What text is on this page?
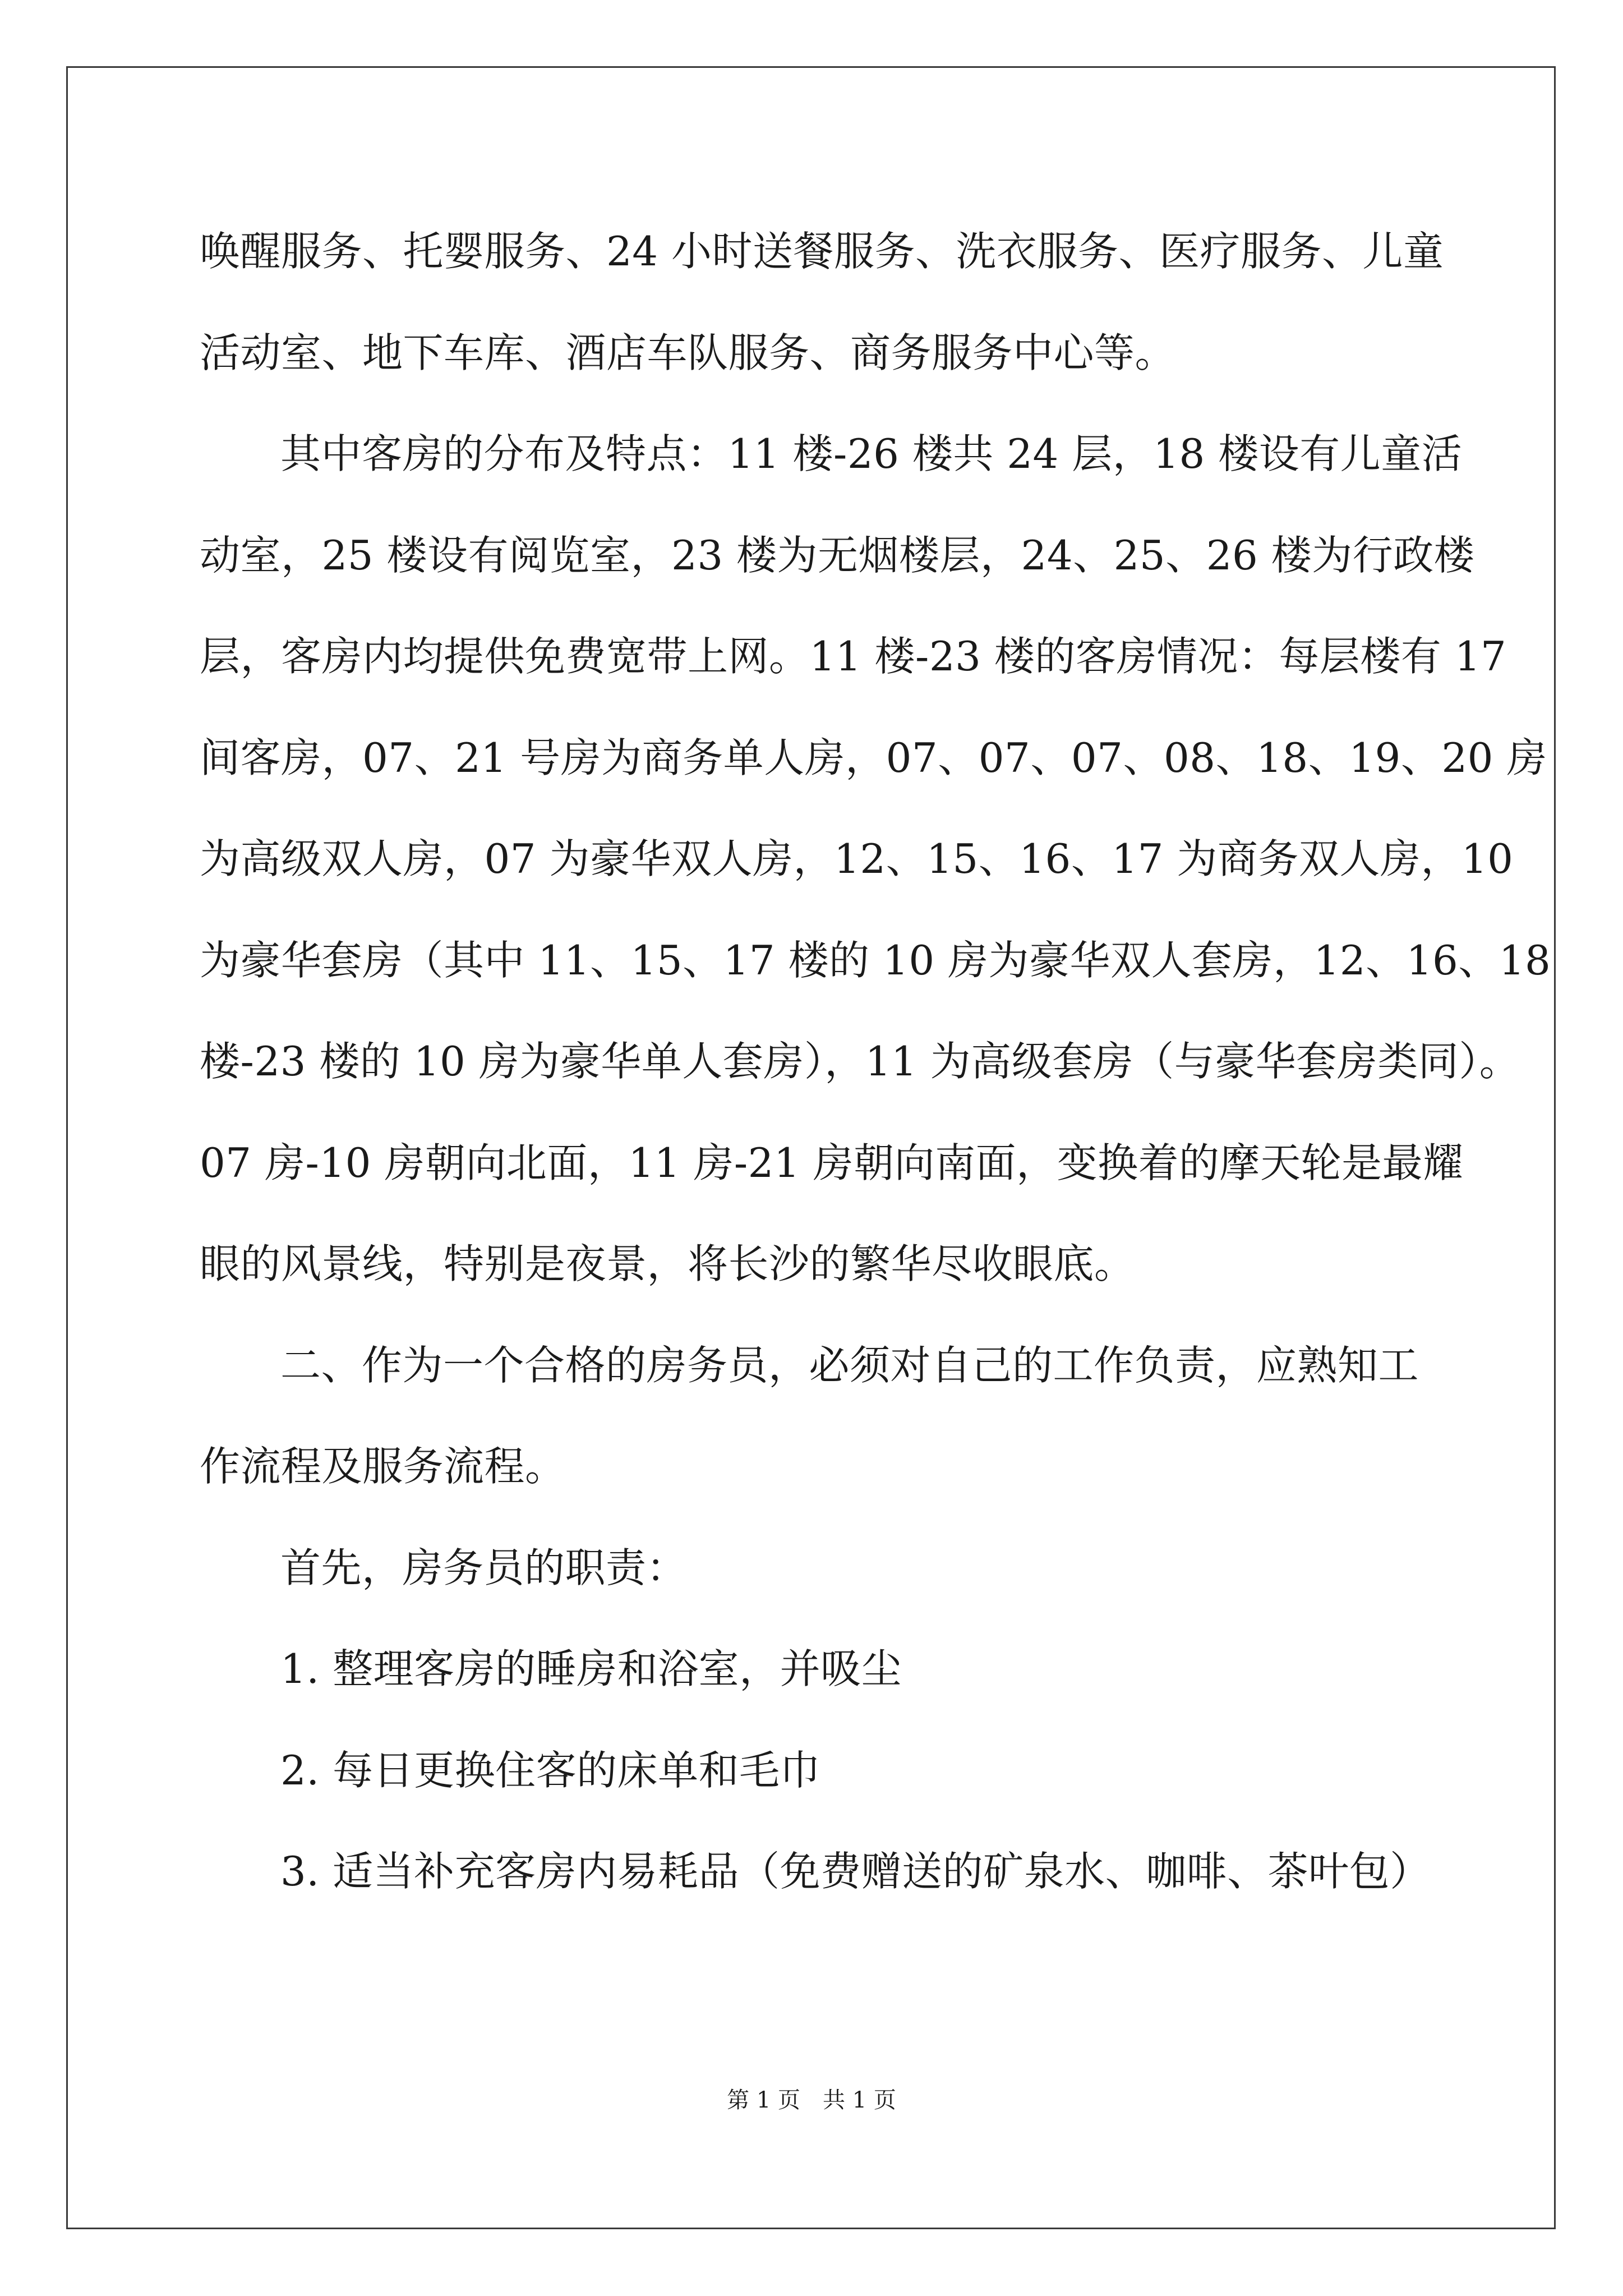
唤醒服务、托婴服务、24 小时送餐服务、洗衣服务、医疗服务、儿童
活动室、地下车库、酒店车队服务、商务服务中心等。
其中客房的分布及特点：11 楼-26 楼共 24 层，18 楼设有儿童活
动室，25 楼设有阅览室，23 楼为无烟楼层，24、25、26 楼为行政楼
层，客房内均提供免费宽带上网。11 楼-23 楼的客房情况：每层楼有 17
间客房，07、21 号房为商务单人房，07、07、07、08、18、19、20 房
为高级双人房，07 为豪华双人房，12、15、16、17 为商务双人房，10
为豪华套房（其中 11、15、17 楼的 10 房为豪华双人套房，12、16、18
楼-23 楼的 10 房为豪华单人套房），11 为高级套房（与豪华套房类同）。
07 房-10 房朝向北面，11 房-21 房朝向南面，变换着的摩天轮是最耀
眼的风景线，特别是夜景，将长沙的繁华尽收眼底。
二、作为一个合格的房务员，必须对自己的工作负责，应熟知工
作流程及服务流程。
首先，房务员的职责：
1. 整理客房的睡房和浴室，并吸尘
2. 每日更换住客的床单和毛巾
3. 适当补充客房内易耗品（免费赠送的矿泉水、咖啡、茶叶包）
第 1 页　共 1 页
